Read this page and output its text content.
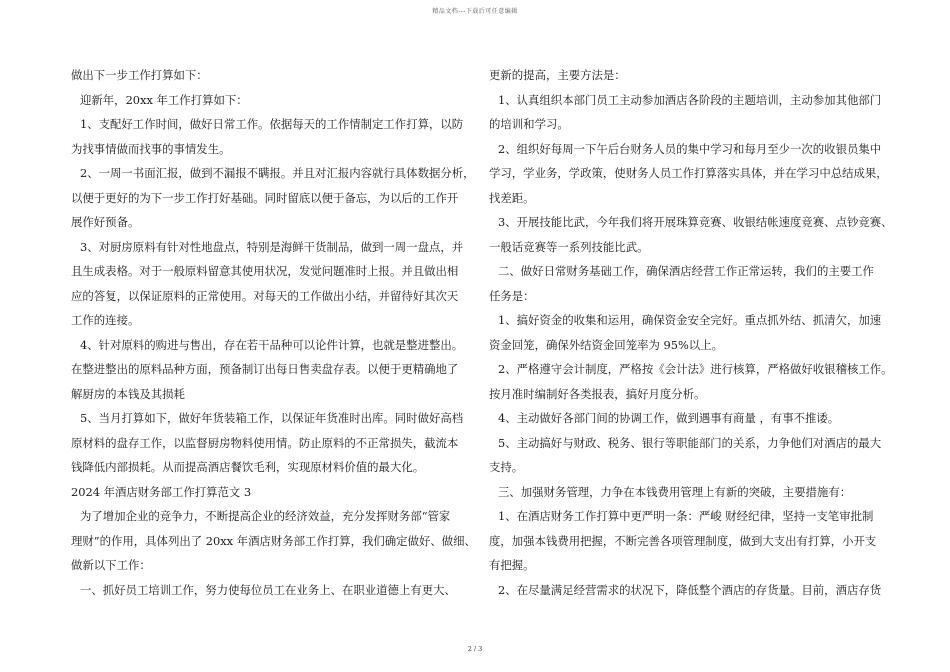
精品文档---下载后可任意编辑
做出下一步工作打算如下：
迎新年，20xx 年工作打算如下：
1、支配好工作时间，做好日常工作。依据每天的工作情制定工作打算，以防
为找事情做而找事的事情发生。
2、一周一书面汇报，做到不漏报不瞒报。并且对汇报内容就行具体数据分析，
以便于更好的为下一步工作打好基础。同时留底以便于备忘，为以后的工作开
展作好预备。
3、对厨房原料有针对性地盘点，特别是海鲜干货制品，做到一周一盘点，并
且生成表格。对于一般原料留意其使用状况，发觉问题准时上报。并且做出相
应的答复，以保证原料的正常使用。对每天的工作做出小结，并留待好其次天
工作的连接。
4、针对原料的购进与售出，存在若干品种可以论件计算，也就是整进整出。
在整进整出的原料品种方面，预备制订出每日售卖盘存表。以便于更精确地了
解厨房的本钱及其损耗
5、当月打算如下，做好年货装箱工作，以保证年货准时出库。同时做好高档
原材料的盘存工作，以监督厨房物料使用情。防止原料的不正常损失，截流本
钱降低内部损耗。从而提高酒店餐饮毛利，实现原材料价值的最大化。
2024 年酒店财务部工作打算范文 3
为了增加企业的竞争力，不断提高企业的经济效益，充分发挥财务部“管家
理财”的作用，具体列出了 20xx 年酒店财务部工作打算，我们确定做好、做细、
做新以下工作：
一、抓好员工培训工作，努力使每位员工在业务上、在职业道德上有更大、
更新的提高，主要方法是：
1、认真组织本部门员工主动参加酒店各阶段的主题培训，主动参加其他部门
的培训和学习。
2、组织好每周一下午后台财务人员的集中学习和每月至少一次的收银员集中
学习，学业务，学政策，使财务人员工作打算落实具体，并在学习中总结成果，
找差距。
3、开展技能比武，今年我们将开展珠算竞赛、收银结帐速度竞赛、点钞竞赛、
一般话竞赛等一系列技能比武。
二、做好日常财务基础工作，确保酒店经营工作正常运转，我们的主要工作
任务是：
1、搞好资金的收集和运用，确保资金安全完好。重点抓外结、抓清欠，加速
资金回笼，确保外结资金回笼率为 95%以上。
2、严格遵守会计制度，严格按《会计法》进行核算，严格做好收银稽核工作。
按月准时编制好各类报表，搞好月度分析。
4、主动做好各部门间的协调工作，做到遇事有商量 ，有事不推诿。
5、主动搞好与财政、税务、银行等职能部门的关系，力争他们对酒店的最大
支持。
三、加强财务管理，力争在本钱费用管理上有新的突破，主要措施有：
1、在酒店财务工作打算中更严明一条：严峻 财经纪律，坚持一支笔审批制
度，加强本钱费用把握，不断完善各项管理制度，做到大支出有打算，小开支
有把握。
2、在尽量满足经营需求的状况下，降低整个酒店的存货量。目前，酒店存货
2 / 3
